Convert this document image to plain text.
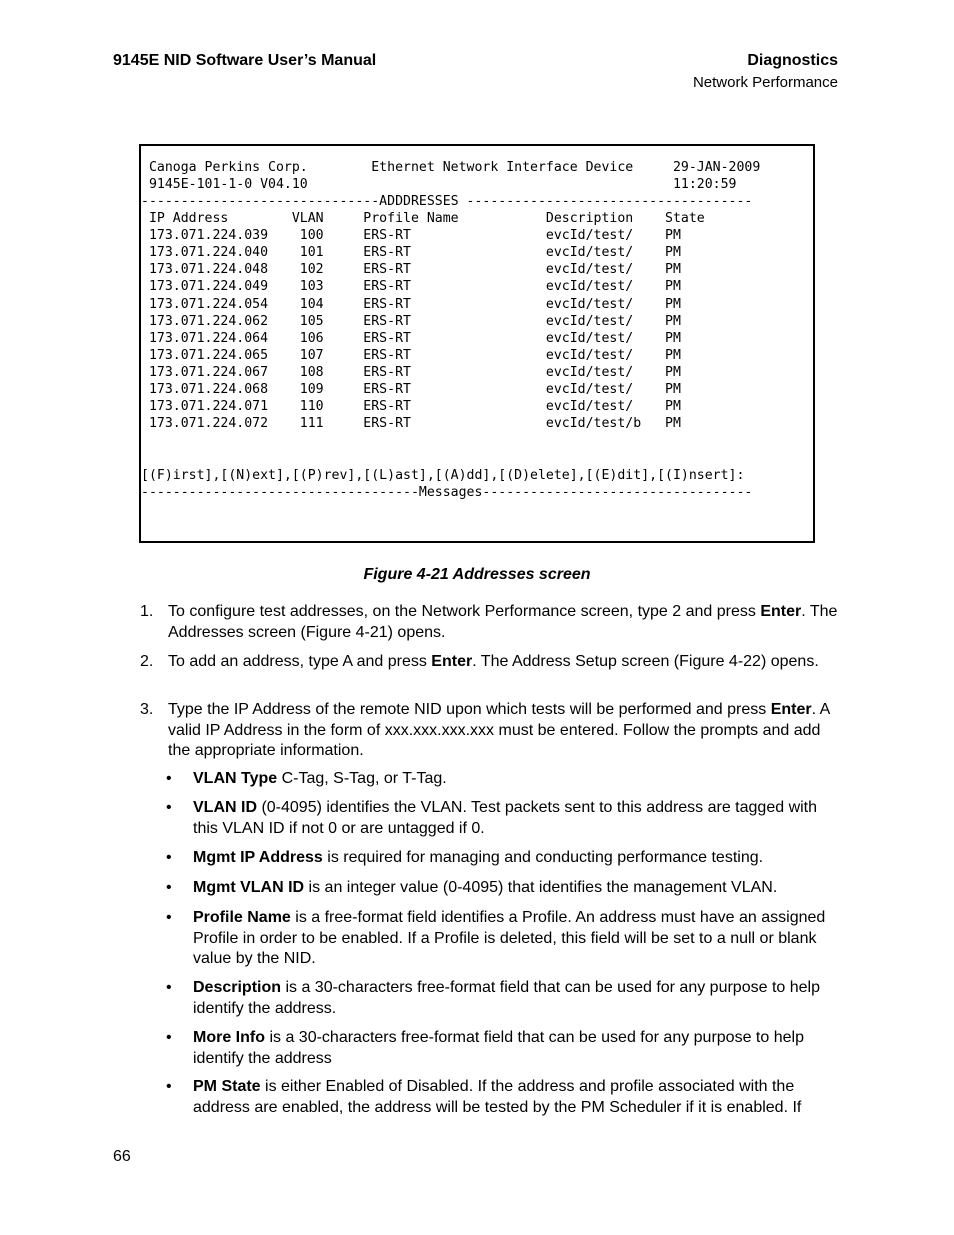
9145E NID Software User’s Manual	Diagnostics
Network Performance
Canoga Perkins Corp.        Ethernet Network Interface Device     29-JAN-2009
9145E-101-1-0 V04.10                                              11:20:59
------------------------------ADDDRESSES ------------------------------------
IP Address        VLAN     Profile Name           Description    State
173.071.224.039    100     ERS-RT                 evcId/test/    PM
173.071.224.040    101     ERS-RT                 evcId/test/    PM
173.071.224.048    102     ERS-RT                 evcId/test/    PM
173.071.224.049    103     ERS-RT                 evcId/test/    PM
173.071.224.054    104     ERS-RT                 evcId/test/    PM
173.071.224.062    105     ERS-RT                 evcId/test/    PM
173.071.224.064    106     ERS-RT                 evcId/test/    PM
173.071.224.065    107     ERS-RT                 evcId/test/    PM
173.071.224.067    108     ERS-RT                 evcId/test/    PM
173.071.224.068    109     ERS-RT                 evcId/test/    PM
173.071.224.071    110     ERS-RT                 evcId/test/    PM
173.071.224.072    111     ERS-RT                 evcId/test/b   PM
[(F)irst],[(N)ext],[(P)rev],[(L)ast],[(A)dd],[(D)elete],[(E)dit],[(I)nsert]:
-----------------------------------Messages----------------------------------
Figure 4-21 Addresses screen
1. To configure test addresses, on the Network Performance screen, type 2 and press Enter. The Addresses screen (Figure 4-21) opens.
2. To add an address, type A and press Enter. The Address Setup screen (Figure 4-22) opens.
3. Type the IP Address of the remote NID upon which tests will be performed and press Enter. A valid IP Address in the form of xxx.xxx.xxx.xxx must be entered. Follow the prompts and add the appropriate information.
• VLAN Type C-Tag, S-Tag, or T-Tag.
• VLAN ID (0-4095) identifies the VLAN. Test packets sent to this address are tagged with this VLAN ID if not 0 or are untagged if 0.
• Mgmt IP Address is required for managing and conducting performance testing.
• Mgmt VLAN ID is an integer value (0-4095) that identifies the management VLAN.
• Profile Name is a free-format field identifies a Profile. An address must have an assigned Profile in order to be enabled. If a Profile is deleted, this field will be set to a null or blank value by the NID.
• Description is a 30-characters free-format field that can be used for any purpose to help identify the address.
• More Info is a 30-characters free-format field that can be used for any purpose to help identify the address
• PM State is either Enabled of Disabled. If the address and profile associated with the address are enabled, the address will be tested by the PM Scheduler if it is enabled. If
66
